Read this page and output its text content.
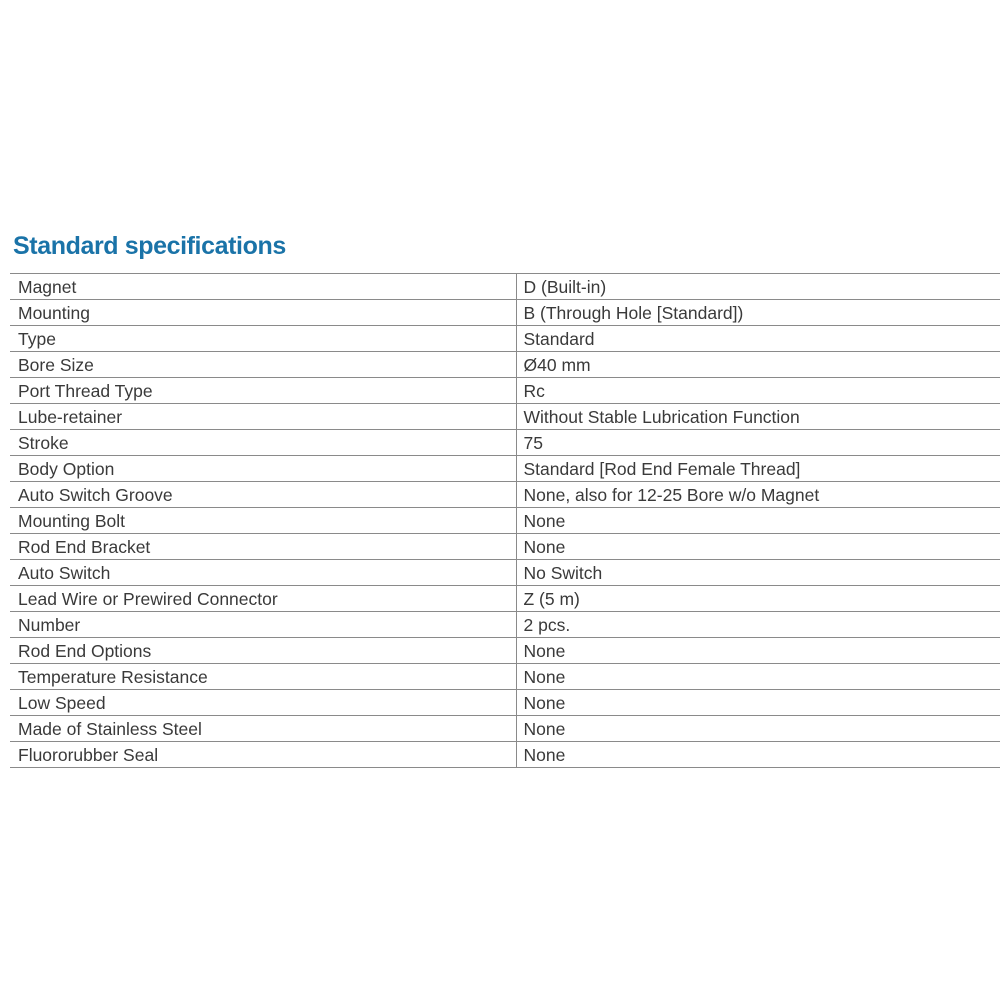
Standard specifications
Magnet	D (Built-in)
Mounting	B (Through Hole [Standard])
Type	Standard
Bore Size	Ø40 mm
Port Thread Type	Rc
Lube-retainer	Without Stable Lubrication Function
Stroke	75
Body Option	Standard [Rod End Female Thread]
Auto Switch Groove	None, also for 12-25 Bore w/o Magnet
Mounting Bolt	None
Rod End Bracket	None
Auto Switch	No Switch
Lead Wire or Prewired Connector	Z (5 m)
Number	2 pcs.
Rod End Options	None
Temperature Resistance	None
Low Speed	None
Made of Stainless Steel	None
Fluororubber Seal	None
